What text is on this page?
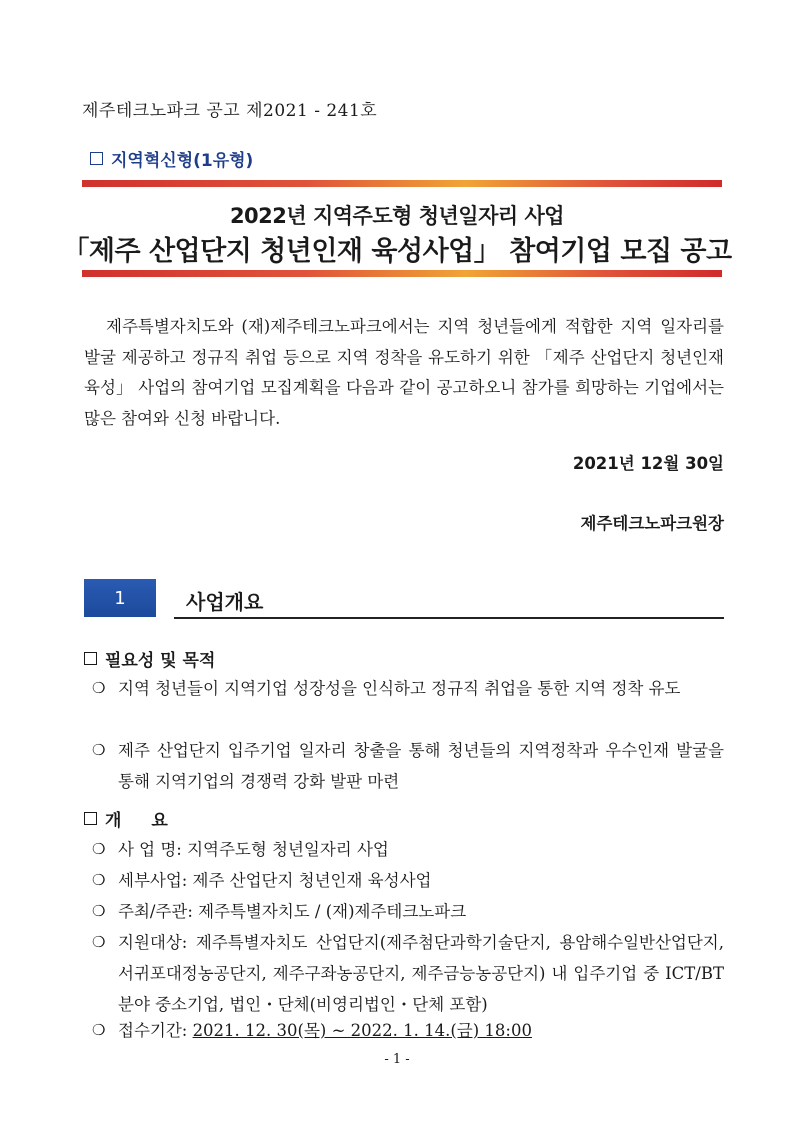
제주테크노파크 공고 제2021 - 241호
지역혁신형(1유형)
2022년 지역주도형 청년일자리 사업
「제주 산업단지 청년인재 육성사업」 참여기업 모집 공고
제주특별자치도와 (재)제주테크노파크에서는 지역 청년들에게 적합한 지역 일자리를 발굴 제공하고 정규직 취업 등으로 지역 정착을 유도하기 위한 「제주 산업단지 청년인재 육성」 사업의 참여기업 모집계획을 다음과 같이 공고하오니 참가를 희망하는 기업에서는 많은 참여와 신청 바랍니다.
2021년 12월 30일
제주테크노파크원장
1	사업개요
필요성 및 목적
❍ 지역 청년들이 지역기업 성장성을 인식하고 정규직 취업을 통한 지역 정착 유도
❍ 제주 산업단지 입주기업 일자리 창출을 통해 청년들의 지역정착과 우수인재 발굴을 통해 지역기업의 경쟁력 강화 발판 마련
개 요
❍ 사 업 명: 지역주도형 청년일자리 사업
❍ 세부사업: 제주 산업단지 청년인재 육성사업
❍ 주최/주관: 제주특별자치도 / (재)제주테크노파크
❍ 지원대상: 제주특별자치도 산업단지(제주첨단과학기술단지, 용암해수일반산업단지, 서귀포대정농공단지, 제주구좌농공단지, 제주금능농공단지) 내 입주기업 중 ICT/BT분야 중소기업, 법인・단체(비영리법인・단체 포함)
❍ 접수기간: 2021. 12. 30(목) ~ 2022. 1. 14.(금) 18:00
- 1 -
